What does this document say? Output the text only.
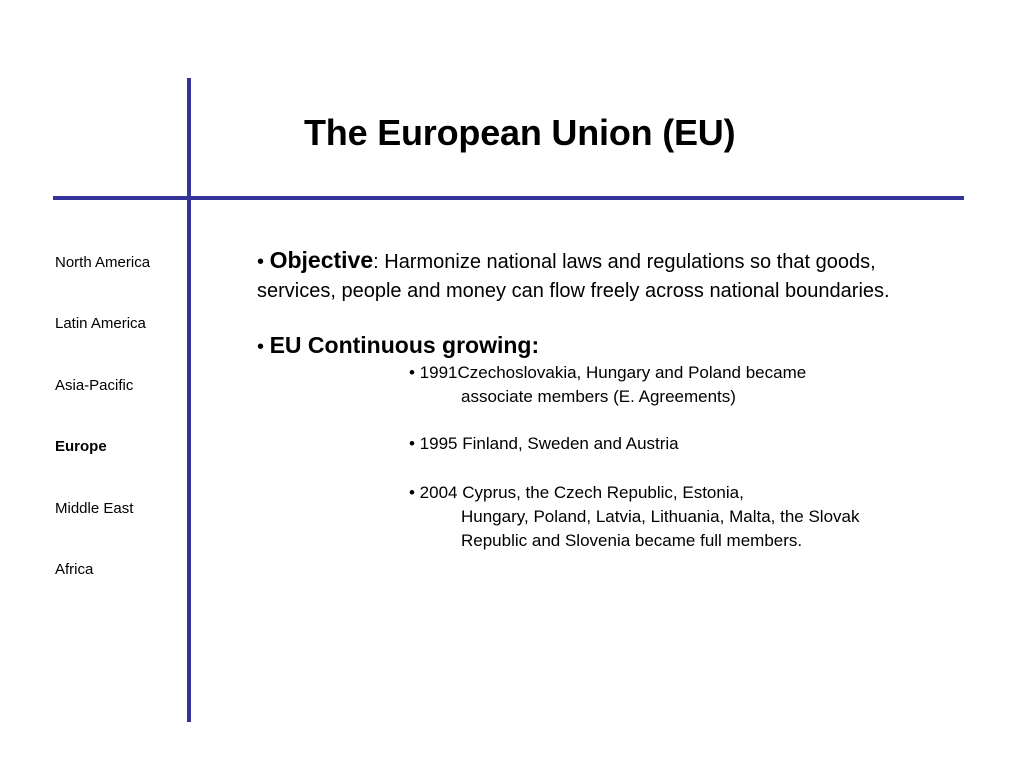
The European Union (EU)
North America
Latin America
Asia-Pacific
Europe
Middle East
Africa

• Objective: Harmonize national laws and regulations so that goods,
services, people and money can flow freely across national boundaries.

• EU Continuous growing:

• 1991Czechoslovakia, Hungary and Poland became
associate members (E. Agreements)
• 1995 Finland, Sweden and Austria
• 2004 Cyprus, the Czech Republic, Estonia,
Hungary, Poland, Latvia, Lithuania, Malta, the Slovak
Republic and Slovenia became full members.
